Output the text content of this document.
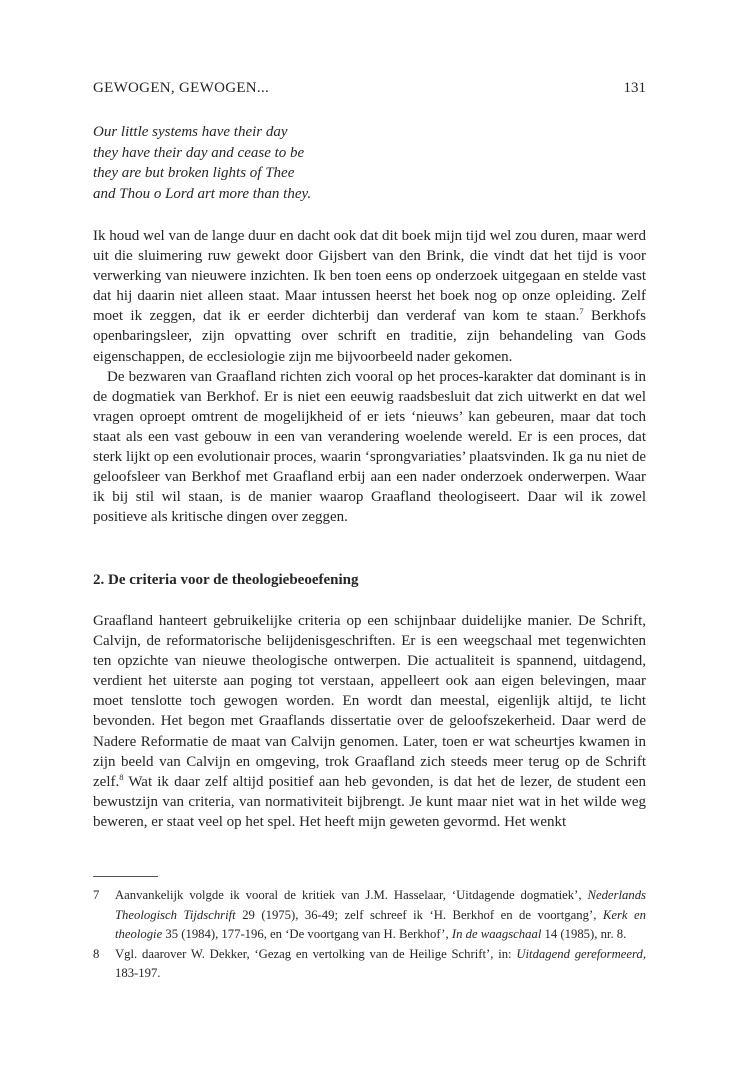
GEWOGEN, GEWOGEN...	131
Our little systems have their day
they have their day and cease to be
they are but broken lights of Thee
and Thou o Lord art more than they.

Ik houd wel van de lange duur en dacht ook dat dit boek mijn tijd wel zou duren, maar werd uit die sluimering ruw gewekt door Gijsbert van den Brink, die vindt dat het tijd is voor verwerking van nieuwere inzichten. Ik ben toen eens op onderzoek uitgegaan en stelde vast dat hij daarin niet alleen staat. Maar intussen heerst het boek nog op onze opleiding. Zelf moet ik zeggen, dat ik er eerder dichterbij dan verderaf van kom te staan.$^7$ Berkhofs openbaringsleer, zijn opvatting over schrift en traditie, zijn behandeling van Gods eigenschappen, de ecclesiologie zijn me bijvoorbeeld nader gekomen.

De bezwaren van Graafland richten zich vooral op het proces-karakter dat dominant is in de dogmatiek van Berkhof. Er is niet een eeuwig raadsbesluit dat zich uitwerkt en dat wel vragen oproept omtrent de mogelijkheid of er iets ‘nieuws’ kan gebeuren, maar dat toch staat als een vast gebouw in een van verandering woelende wereld. Er is een proces, dat sterk lijkt op een evolutionair proces, waarin ‘sprongvariaties’ plaatsvinden. Ik ga nu niet de geloofsleer van Berkhof met Graafland erbij aan een nader onderzoek onderwerpen. Waar ik bij stil wil staan, is de manier waarop Graafland theologiseert. Daar wil ik zowel positieve als kritische dingen over zeggen.

2. De criteria voor de theologiebeoefening

Graafland hanteert gebruikelijke criteria op een schijnbaar duidelijke manier. De Schrift, Calvijn, de reformatorische belijdenisgeschriften. Er is een weegschaal met tegenwichten ten opzichte van nieuwe theologische ontwerpen. Die actualiteit is spannend, uitdagend, verdient het uiterste aan poging tot verstaan, appelleert ook aan eigen belevingen, maar moet tenslotte toch gewogen worden. En wordt dan meestal, eigenlijk altijd, te licht bevonden. Het begon met Graaflands dissertatie over de geloofszekerheid. Daar werd de Nadere Reformatie de maat van Calvijn genomen. Later, toen er wat scheurtjes kwamen in zijn beeld van Calvijn en omgeving, trok Graafland zich steeds meer terug op de Schrift zelf.$^8$ Wat ik daar zelf altijd positief aan heb gevonden, is dat het de lezer, de student een bewustzijn van criteria, van normativiteit bijbrengt. Je kunt maar niet wat in het wilde weg beweren, er staat veel op het spel. Het heeft mijn geweten gevormd. Het wenkt

7 Aanvankelijk volgde ik vooral de kritiek van J.M. Hasselaar, ‘Uitdagende dogmatiek’, Nederlands Theologisch Tijdschrift 29 (1975), 36-49; zelf schreef ik ‘H. Berkhof en de voortgang’, Kerk en theologie 35 (1984), 177-196, en ‘De voortgang van H. Berkhof’, In de waagschaal 14 (1985), nr. 8.
8 Vgl. daarover W. Dekker, ‘Gezag en vertolking van de Heilige Schrift’, in: Uitdagend gereformeerd, 183-197.
